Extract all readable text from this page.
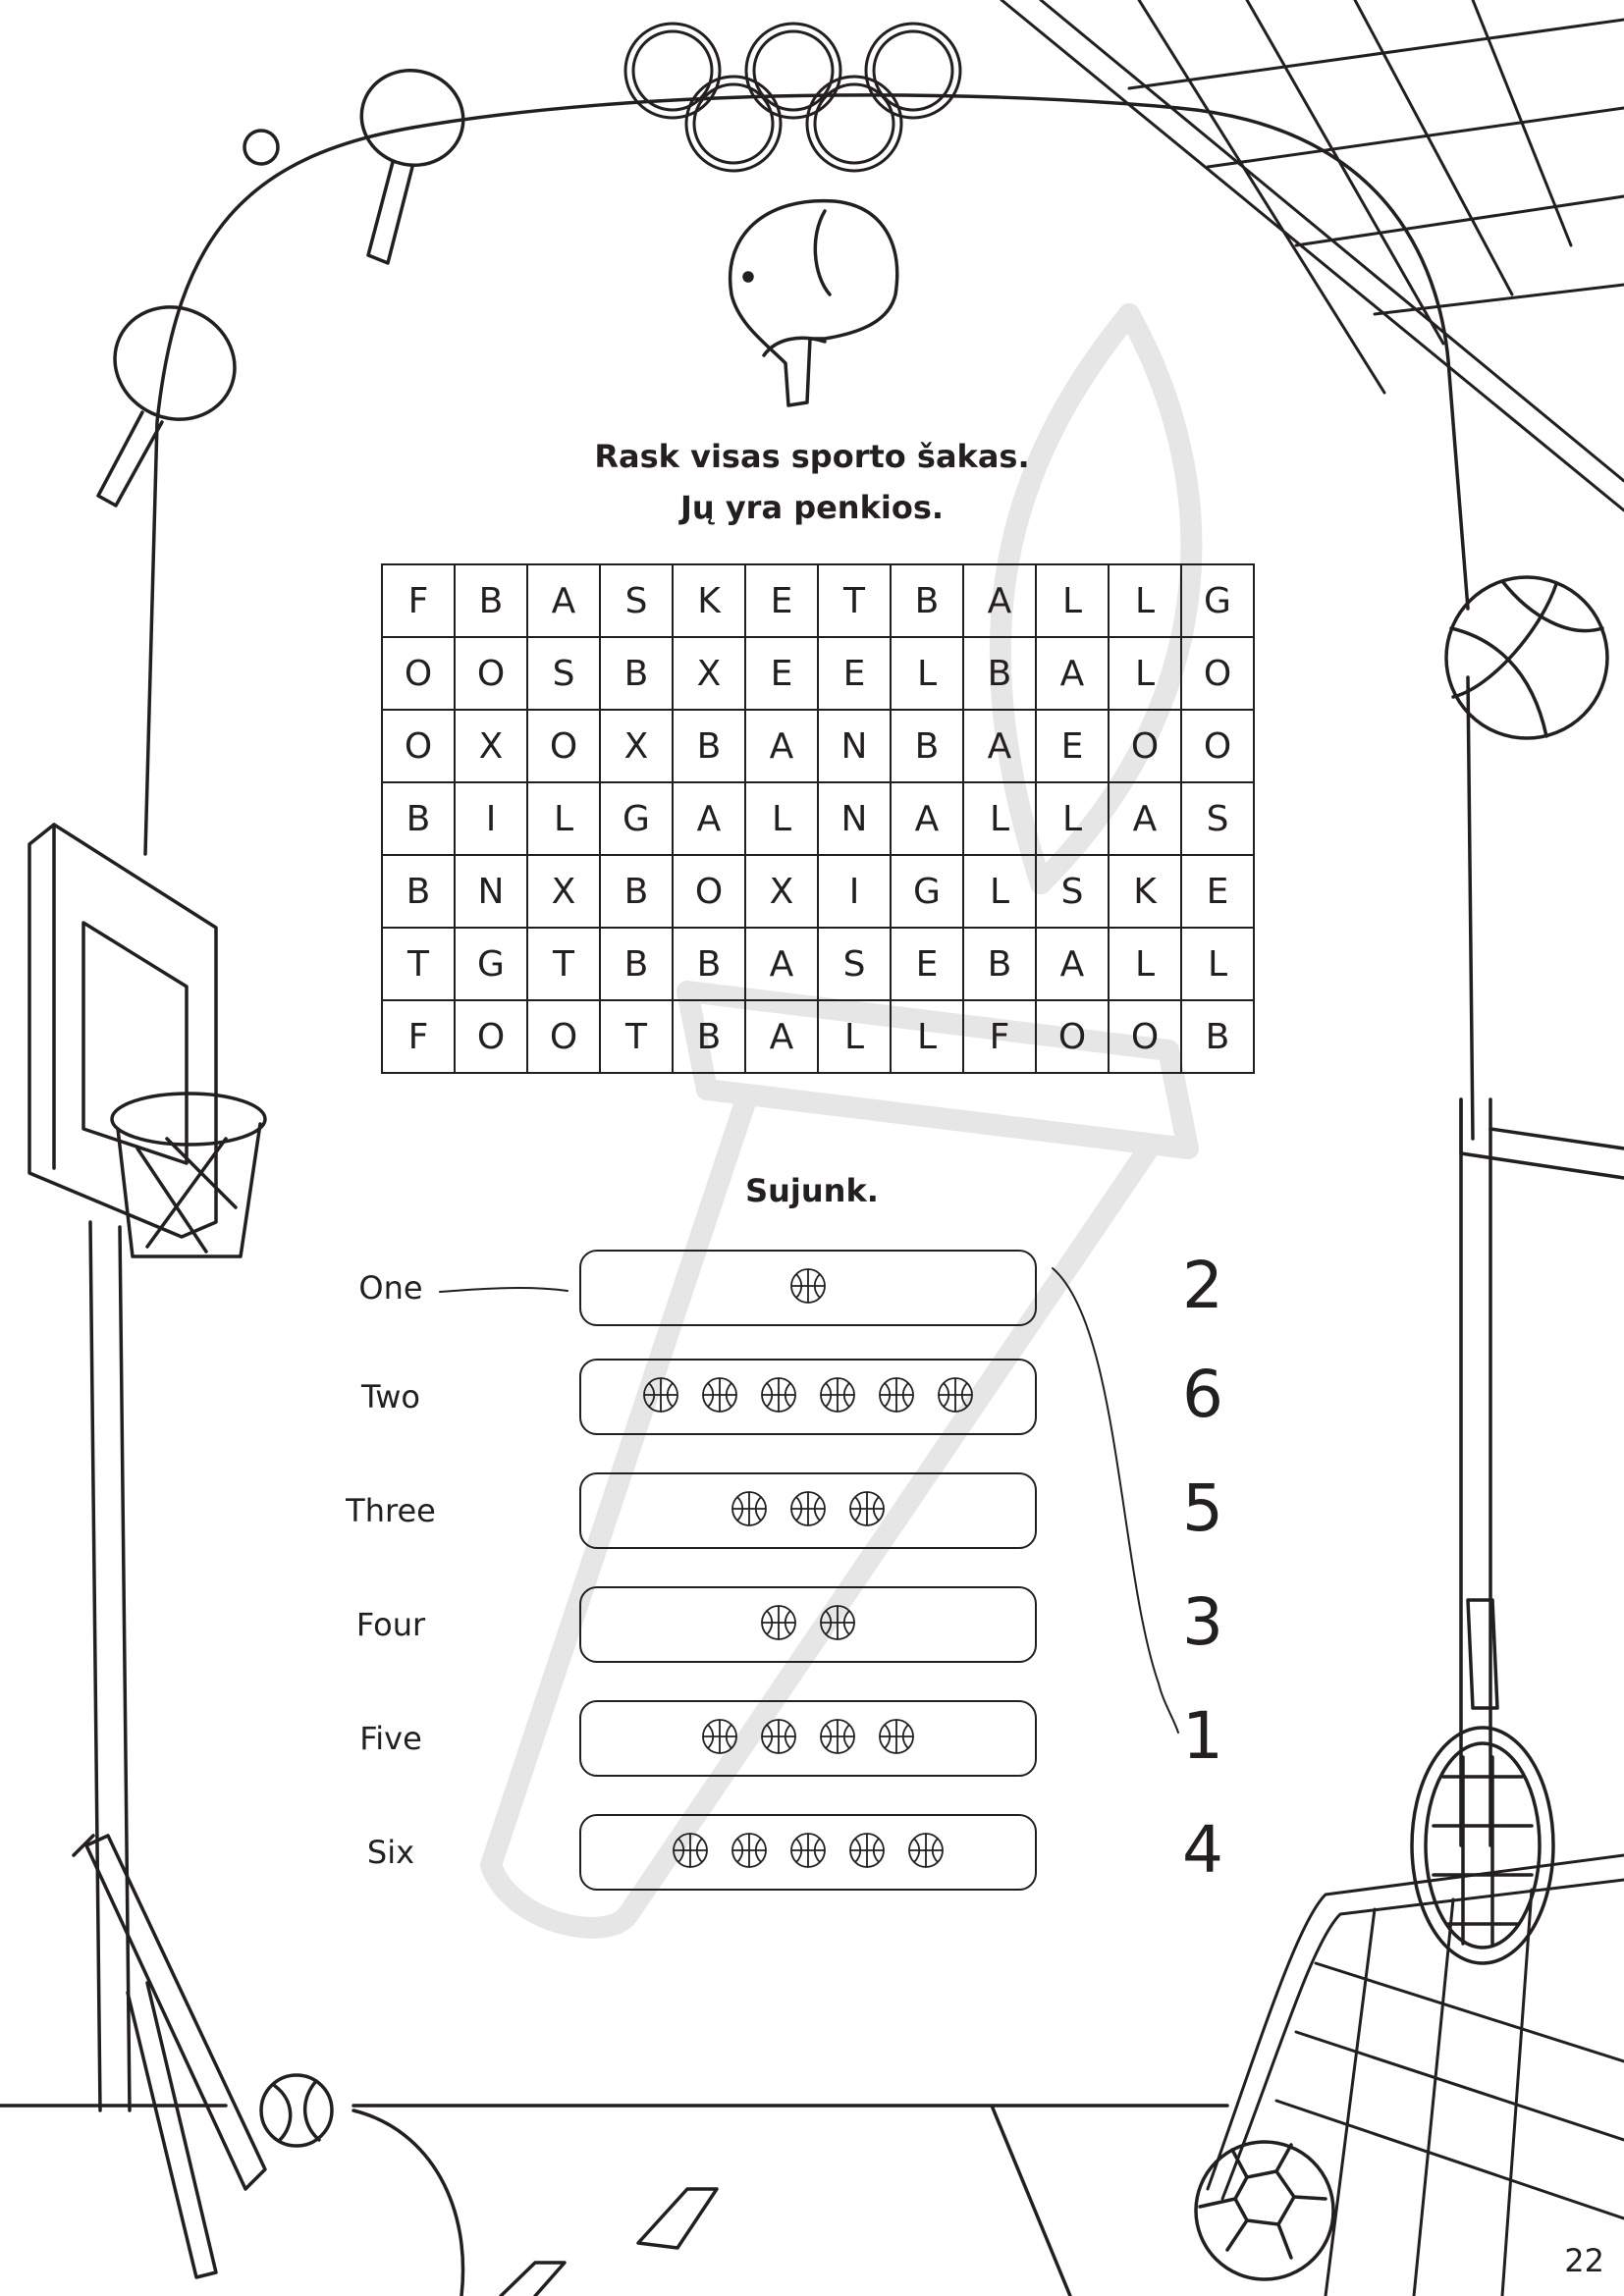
Rask visas sporto šakas.
Jų yra penkios.
F	B	A	S	K	E	T	B	A	L	L	G
O	O	S	B	X	E	E	L	B	A	L	O
O	X	O	X	B	A	N	B	A	E	O	O
B	I	L	G	A	L	N	A	L	L	A	S
B	N	X	B	O	X	I	G	L	S	K	E
T	G	T	B	B	A	S	E	B	A	L	L
F	O	O	T	B	A	L	L	F	O	O	B
Sujunk.
One	2
Two	6
Three	5
Four	3
Five	1
Six	4
22
